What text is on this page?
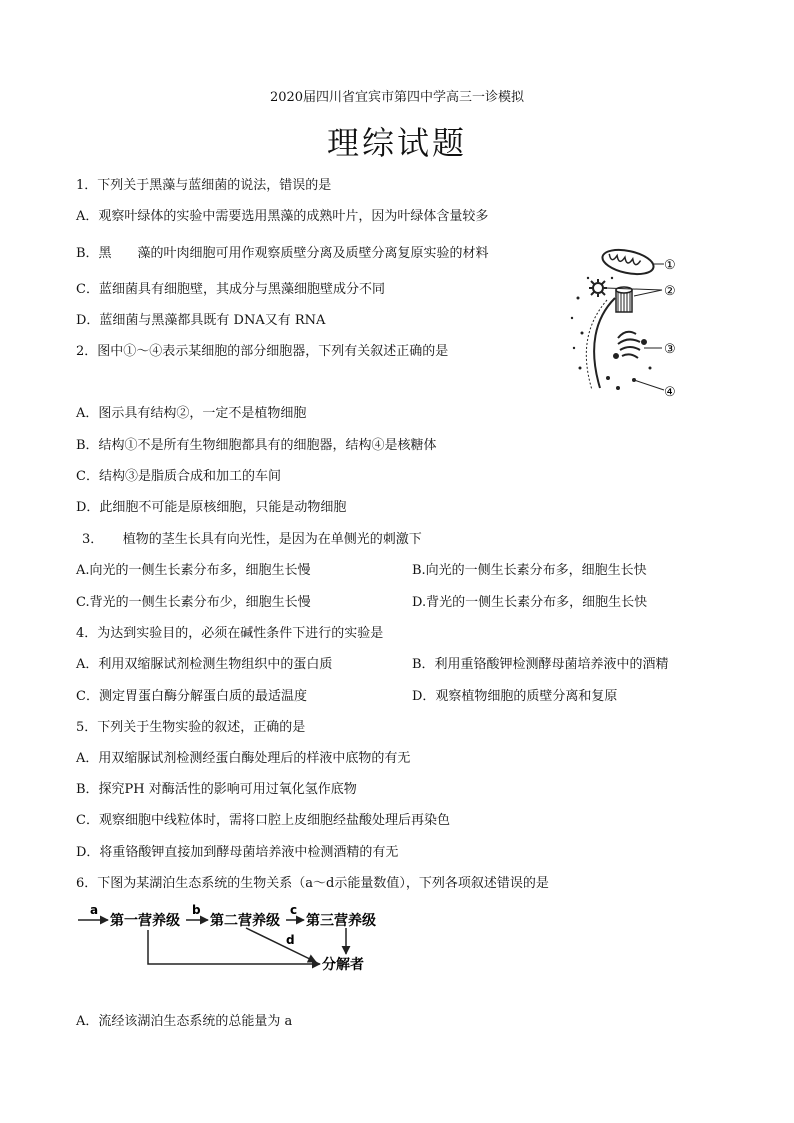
2020届四川省宜宾市第四中学高三一诊模拟
理综试题
1．下列关于黑藻与蓝细菌的说法，错误的是
A．观察叶绿体的实验中需要选用黑藻的成熟叶片，因为叶绿体含量较多
B．黑　　藻的叶肉细胞可用作观察质壁分离及质壁分离复原实验的材料
C．蓝细菌具有细胞壁，其成分与黑藻细胞壁成分不同
D．蓝细菌与黑藻都具既有 DNA又有 RNA
2．图中①～④表示某细胞的部分细胞器，下列有关叙述正确的是
A．图示具有结构②，一定不是植物细胞
B．结构①不是所有生物细胞都具有的细胞器，结构④是核糖体
C．结构③是脂质合成和加工的车间
D．此细胞不可能是原核细胞，只能是动物细胞
3．　　植物的茎生长具有向光性，是因为在单侧光的刺激下
A.向光的一侧生长素分布多，细胞生长慢	B.向光的一侧生长素分布多，细胞生长快
C.背光的一侧生长素分布少，细胞生长慢	D.背光的一侧生长素分布多，细胞生长快
4．为达到实验目的，必须在碱性条件下进行的实验是
A．利用双缩脲试剂检测生物组织中的蛋白质	B．利用重铬酸钾检测酵母菌培养液中的酒精
C．测定胃蛋白酶分解蛋白质的最适温度	D．观察植物细胞的质壁分离和复原
5．下列关于生物实验的叙述，正确的是
A．用双缩脲试剂检测经蛋白酶处理后的样液中底物的有无
B．探究PH 对酶活性的影响可用过氧化氢作底物
C．观察细胞中线粒体时，需将口腔上皮细胞经盐酸处理后再染色
D．将重铬酸钾直接加到酵母菌培养液中检测酒精的有无
6．下图为某湖泊生态系统的生物关系（a～d示能量数值），下列各项叙述错误的是
A．流经该湖泊生态系统的总能量为 a
①
②
③
④
a	b	c
d
第一营养级 第二营养级 第三营养级
分解者
